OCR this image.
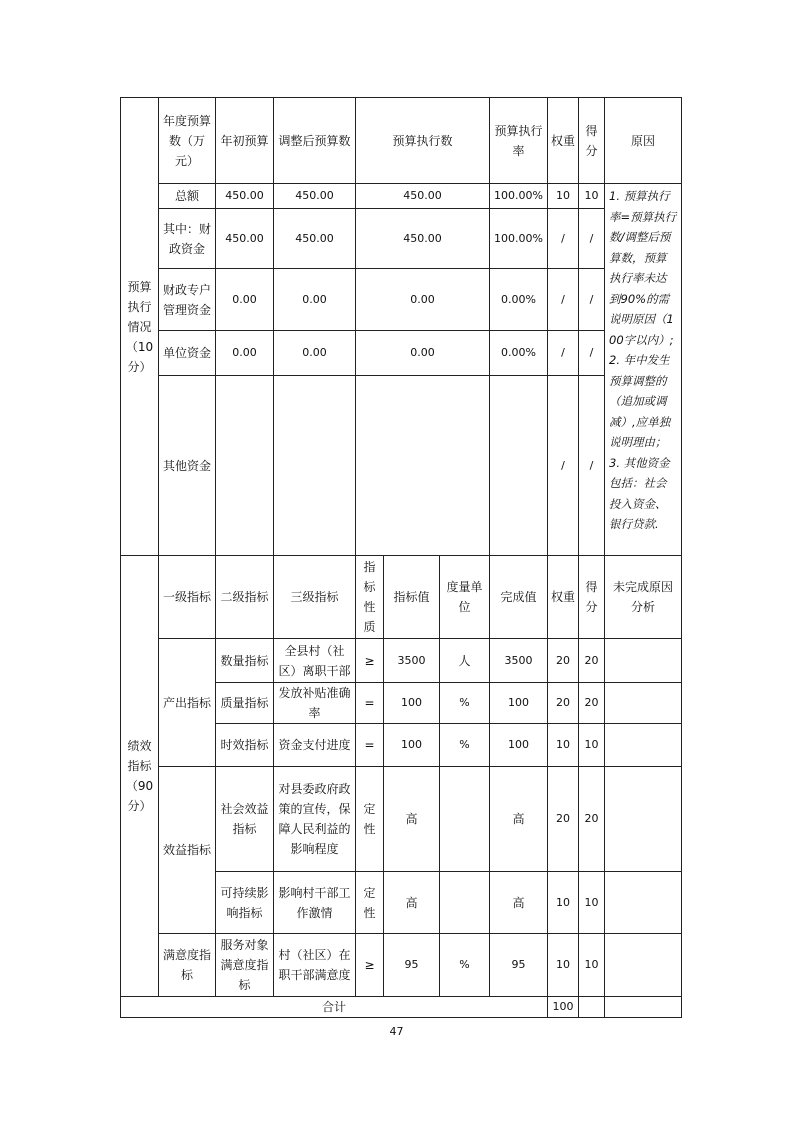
预算执行情况（10分）	年度预算数（万元）	年初预算	调整后预算数	预算执行数			预算执行率	权重	得分	原因
	总额	450.00	450.00	450.00			100.00%	10	10	1. 预算执行率=预算执行数/调整后预算数，预算执行率未达到90%的需说明原因（100字以内）;2. 年中发生预算调整的（追加或调减）,应单独说明理由；3. 其他资金包括：社会投入资金、银行贷款.
	其中：财政资金	450.00	450.00	450.00			100.00%	/	/	
	财政专户管理资金	0.00	0.00	0.00			0.00%	/	/	
	单位资金	0.00	0.00	0.00			0.00%	/	/	
	其他资金							/	/	
绩效指标（90分）	一级指标	二级指标	三级指标	指标性质	指标值	度量单位	完成值	权重	得分	未完成原因分析
	产出指标	数量指标	全县村（社区）离职干部	≥	3500	人	3500	20	20	
		质量指标	发放补贴准确率	=	100	%	100	20	20	
		时效指标	资金支付进度	=	100	%	100	10	10	
	效益指标	社会效益指标	对县委政府政策的宣传，保障人民利益的影响程度	定性	高		高	20	20	
		可持续影响指标	影响村干部工作激情	定性	高		高	10	10	
	满意度指标	服务对象满意度指标	村（社区）在职干部满意度	≥	95	%	95	10	10	
合计								100		
47
